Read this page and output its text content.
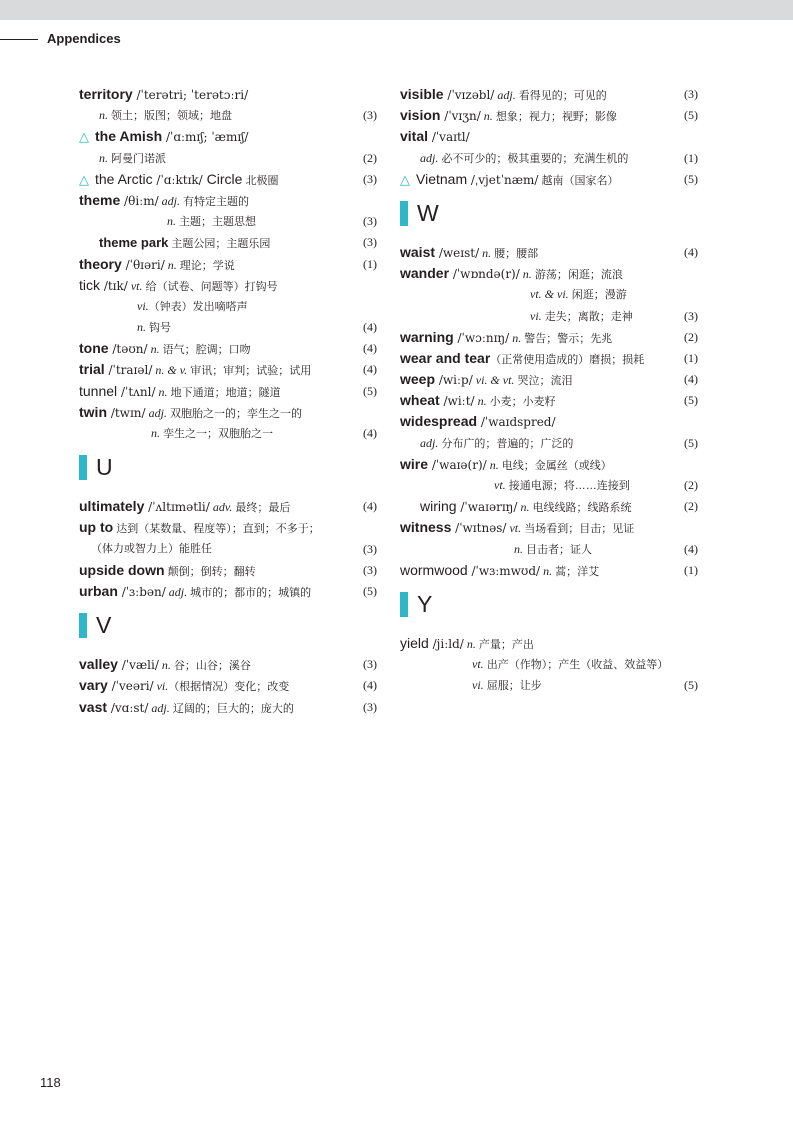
Appendices
territory /ˈterətri; ˈterətɔːri/
n. 领土；版图；领域；地盘	(3)
△ the Amish /ˈɑːmɪʃ; ˈæmɪʃ/
n. 阿曼门诺派	(2)
△ the Arctic /ˈɑːktɪk/ Circle 北极圈	(3)
theme /θiːm/ adj. 有特定主题的
n. 主题；主题思想	(3)
theme park 主题公园；主题乐园	(3)
theory /ˈθɪəri/ n. 理论；学说	(1)
tick /tɪk/ vt. 给（试卷、问题等）打钩号
vi.（钟表）发出嘀嗒声
n. 钩号	(4)
tone /təʊn/ n. 语气；腔调；口吻	(4)
trial /ˈtraɪəl/ n. & v. 审讯；审判；试验；试用	(4)
tunnel /ˈtʌnl/ n. 地下通道；地道；隧道	(5)
twin /twɪn/ adj. 双胞胎之一的；孪生之一的
n. 孪生之一；双胞胎之一	(4)
U
ultimately /ˈʌltɪmətli/ adv. 最终；最后	(4)
up to 达到（某数量、程度等）；直到；不多于；
（体力或智力上）能胜任	(3)
upside down 颠倒；倒转；翻转	(3)
urban /ˈɜːbən/ adj. 城市的；都市的；城镇的	(5)
V
valley /ˈvæli/ n. 谷；山谷；溪谷	(3)
vary /ˈveəri/ vi.（根据情况）变化；改变	(4)
vast /vɑːst/ adj. 辽阔的；巨大的；庞大的	(3)
visible /ˈvɪzəbl/ adj. 看得见的；可见的	(3)
vision /ˈvɪʒn/ n. 想象；视力；视野；影像	(5)
vital /ˈvaɪtl/
adj. 必不可少的；极其重要的；充满生机的	(1)
△ Vietnam /ˌvjetˈnæm/ 越南（国家名）	(5)
W
waist /weɪst/ n. 腰；腰部	(4)
wander /ˈwɒndə(r)/ n. 游荡；闲逛；流浪
vt. & vi. 闲逛；漫游
vi. 走失；离散；走神	(3)
warning /ˈwɔːnɪŋ/ n. 警告；警示；先兆	(2)
wear and tear（正常使用造成的）磨损；损耗	(1)
weep /wiːp/ vi. & vt. 哭泣；流泪	(4)
wheat /wiːt/ n. 小麦；小麦籽	(5)
widespread /ˈwaɪdspred/
adj. 分布广的；普遍的；广泛的	(5)
wire /ˈwaɪə(r)/ n. 电线；金属丝（或线）
vt. 接通电源；将……连接到	(2)
wiring /ˈwaɪərɪŋ/ n. 电线线路；线路系统	(2)
witness /ˈwɪtnəs/ vt. 当场看到；目击；见证
n. 目击者；证人	(4)
wormwood /ˈwɜːmwʊd/ n. 蒿；洋艾	(1)
Y
yield /jiːld/ n. 产量；产出
vt. 出产（作物）；产生（收益、效益等）
vi. 屈服；让步	(5)
118
